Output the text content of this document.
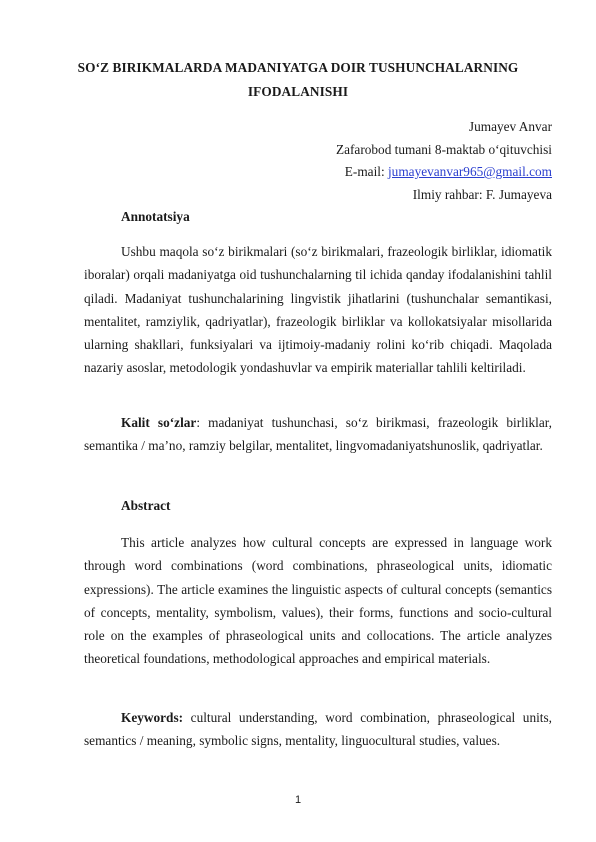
SO‘Z BIRIKMALARDA MADANIYATGA DOIR TUSHUNCHALARNING
IFODALANISHI
Jumayev Anvar
Zafarobod tumani 8-maktab o‘qituvchisi
E-mail: jumayevanvar965@gmail.com
Ilmiy rahbar: F. Jumayeva
Annotatsiya

Ushbu maqola so‘z birikmalari (so‘z birikmalari, frazeologik birliklar, idiomatik iboralar) orqali madaniyatga oid tushunchalarning til ichida qanday ifodalanishini tahlil qiladi. Madaniyat tushunchalarining lingvistik jihatlarini (tushunchalar semantikasi, mentalitet, ramziylik, qadriyatlar), frazeologik birliklar va kollokatsiyalar misollarida ularning shakllari, funksiyalari va ijtimoiy-madaniy rolini ko‘rib chiqadi. Maqolada nazariy asoslar, metodologik yondashuvlar va empirik materiallar tahlili keltiriladi.

Kalit so‘zlar: madaniyat tushunchasi, so‘z birikmasi, frazeologik birliklar, semantika / ma’no, ramziy belgilar, mentalitet, lingvomadaniyatshunoslik, qadriyatlar.

Abstract

This article analyzes how cultural concepts are expressed in language work through word combinations (word combinations, phraseological units, idiomatic expressions). The article examines the linguistic aspects of cultural concepts (semantics of concepts, mentality, symbolism, values), their forms, functions and socio-cultural role on the examples of phraseological units and collocations. The article analyzes theoretical foundations, methodological approaches and empirical materials.

Keywords: cultural understanding, word combination, phraseological units, semantics / meaning, symbolic signs, mentality, linguocultural studies, values.

1
